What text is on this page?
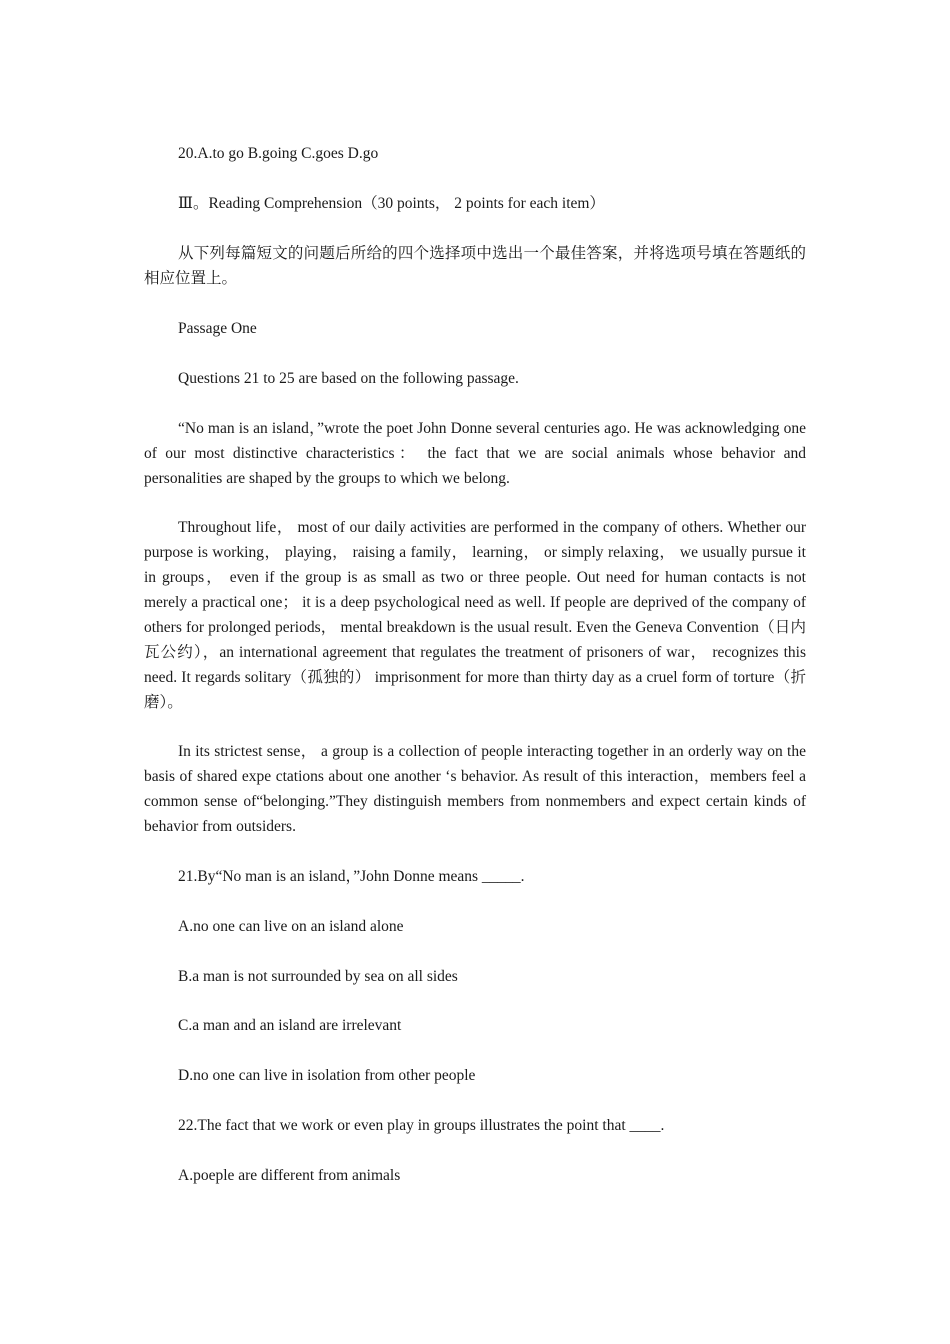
20.A.to go B.going C.goes D.go

Ⅲ。Reading Comprehension（30 points， 2 points for each item）

从下列每篇短文的问题后所给的四个选择项中选出一个最佳答案，并将选项号填在答题纸的相应位置上。

Passage One

Questions 21 to 25 are based on the following passage.

“No man is an island，”wrote the poet John Donne several centuries ago. He was acknowledging one of our most distinctive characteristics： the fact that we are social animals whose behavior and personalities are shaped by the groups to which we belong.

Throughout life， most of our daily activities are performed in the company of others. Whether our purpose is working， playing， raising a family， learning， or simply relaxing， we usually pursue it in groups， even if the group is as small as two or three people. Out need for human contacts is not merely a practical one； it is a deep psychological need as well. If people are deprived of the company of others for prolonged periods， mental breakdown is the usual result. Even the Geneva Convention（日内瓦公约），an international agreement that regulates the treatment of prisoners of war， recognizes this need. It regards solitary（孤独的） imprisonment for more than thirty day as a cruel form of torture（折磨）。

In its strictest sense， a group is a collection of people interacting together in an orderly way on the basis of shared expe ctations about one another ‘s behavior. As result of this interaction，members feel a common sense of“belonging.”They distinguish members from nonmembers and expect certain kinds of behavior from outsiders.

21.By“No man is an island，”John Donne means _____.

A.no one can live on an island alone

B.a man is not surrounded by sea on all sides

C.a man and an island are irrelevant

D.no one can live in isolation from other people

22.The fact that we work or even play in groups illustrates the point that ____.

A.poeple are different from animals
